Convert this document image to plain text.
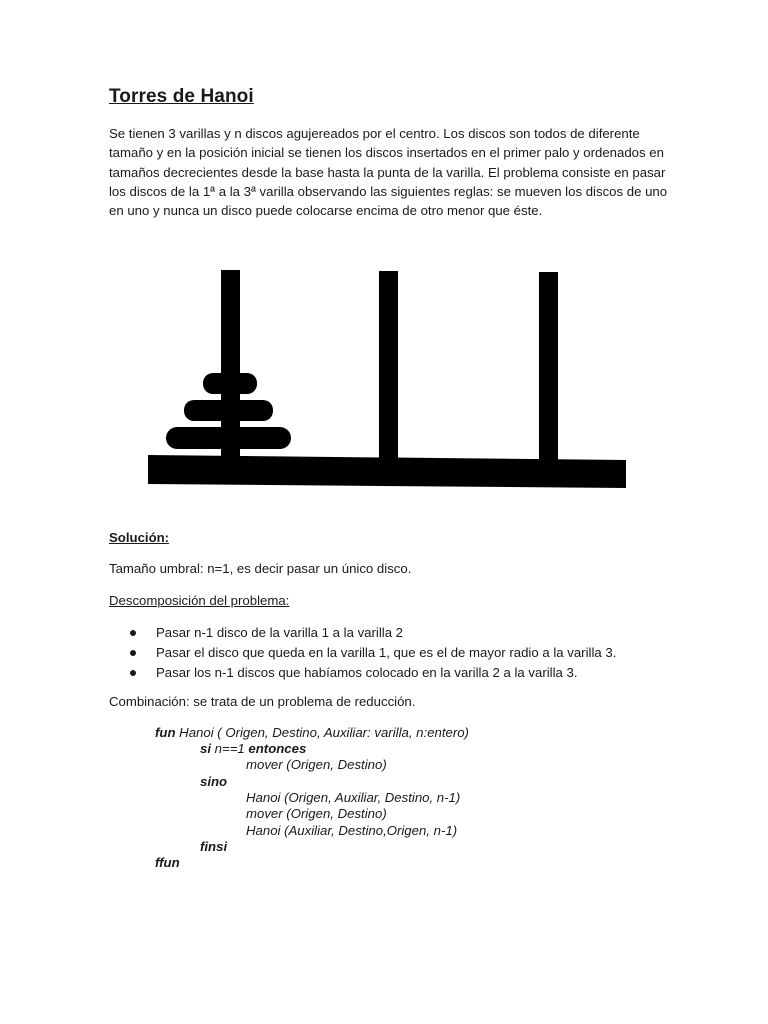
Torres de Hanoi

Se tienen 3 varillas y n discos agujereados por el centro. Los discos son todos de diferente tamaño y en la posición inicial se tienen los discos insertados en el primer palo y ordenados en tamaños decrecientes desde la base hasta la punta de la varilla. El problema consiste en pasar los discos de la 1ª a la 3ª varilla observando las siguientes reglas: se mueven los discos de uno en uno y nunca un disco puede colocarse encima de otro menor que éste.

Solución:

Tamaño umbral: n=1, es decir pasar un único disco.

Descomposición del problema:

Pasar n-1 disco de la varilla 1 a la varilla 2
Pasar el disco que queda en la varilla 1, que es el de mayor radio a la varilla 3.
Pasar los n-1 discos que habíamos colocado en la varilla 2 a la varilla 3.

Combinación: se trata de un problema de reducción.

fun Hanoi ( Origen, Destino, Auxiliar: varilla, n:entero)

si n==1 entonces

mover (Origen, Destino)

sino

Hanoi (Origen, Auxiliar, Destino, n-1)

mover (Origen, Destino)

Hanoi (Auxiliar, Destino,Origen, n-1)

finsi

ffun
